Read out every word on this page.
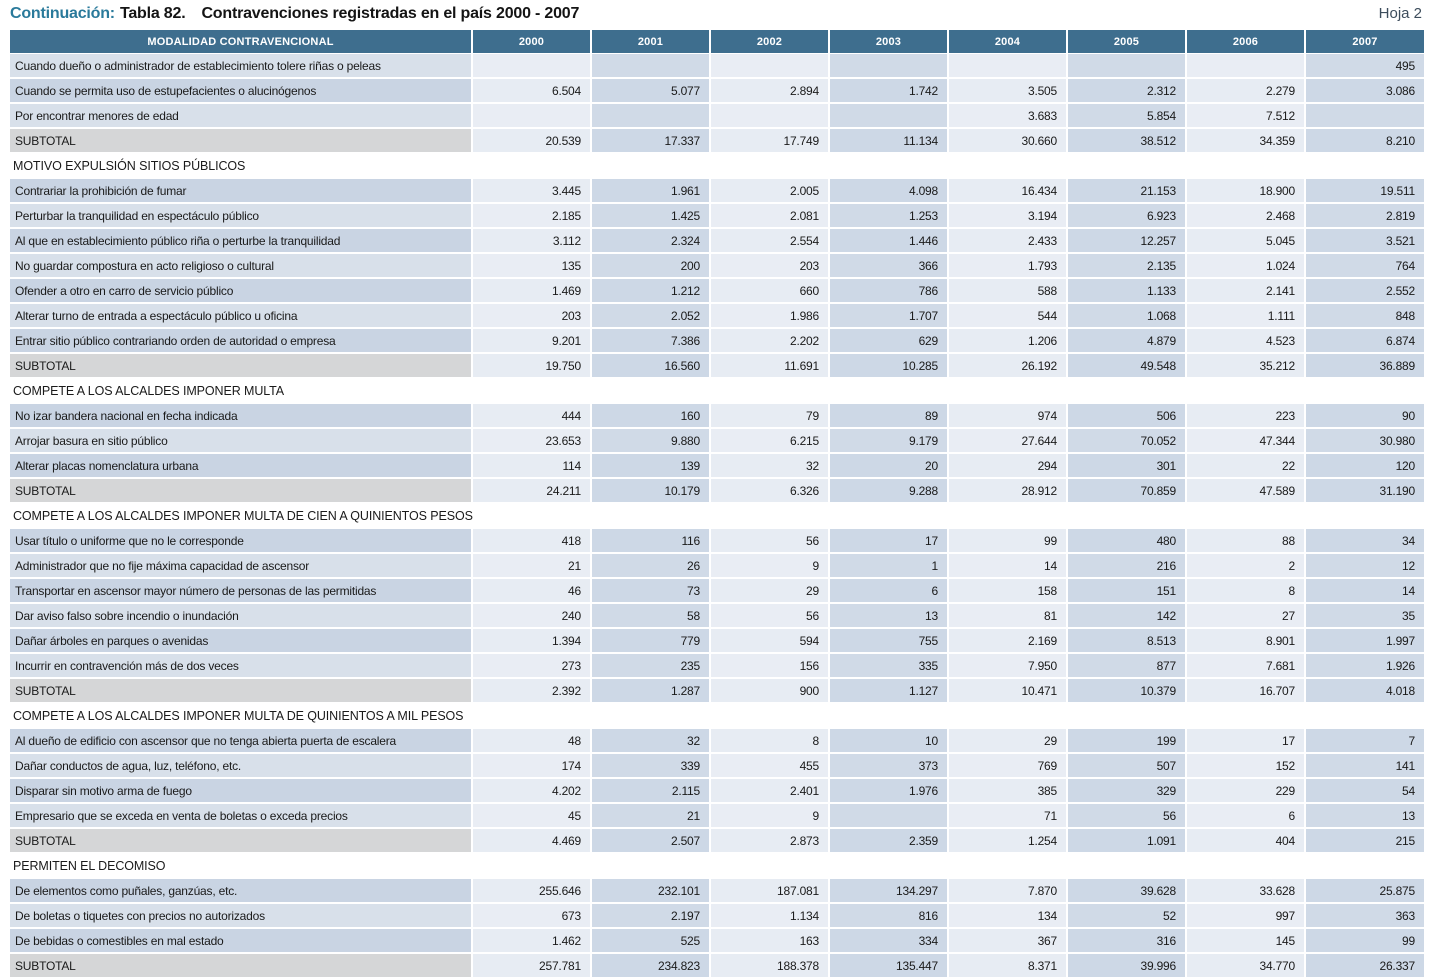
Continuación: Tabla 82. Contravenciones registradas en el país 2000 - 2007	Hoja 2
MODALIDAD CONTRAVENCIONAL	2000	2001	2002	2003	2004	2005	2006	2007
Cuando dueño o administrador de establecimiento tolere riñas o peleas								495
Cuando se permita uso de estupefacientes o alucinógenos	6.504	5.077	2.894	1.742	3.505	2.312	2.279	3.086
Por encontrar menores de edad					3.683	5.854	7.512	
SUBTOTAL	20.539	17.337	17.749	11.134	30.660	38.512	34.359	8.210
MOTIVO EXPULSIÓN SITIOS PÚBLICOS								
Contrariar la prohibición de fumar	3.445	1.961	2.005	4.098	16.434	21.153	18.900	19.511
Perturbar la tranquilidad en espectáculo público	2.185	1.425	2.081	1.253	3.194	6.923	2.468	2.819
Al que en establecimiento público riña o perturbe la tranquilidad	3.112	2.324	2.554	1.446	2.433	12.257	5.045	3.521
No guardar compostura en acto religioso o cultural	135	200	203	366	1.793	2.135	1.024	764
Ofender a otro en carro de servicio público	1.469	1.212	660	786	588	1.133	2.141	2.552
Alterar turno de entrada a espectáculo público u oficina	203	2.052	1.986	1.707	544	1.068	1.111	848
Entrar sitio público contrariando orden de autoridad o empresa	9.201	7.386	2.202	629	1.206	4.879	4.523	6.874
SUBTOTAL	19.750	16.560	11.691	10.285	26.192	49.548	35.212	36.889
COMPETE A LOS ALCALDES IMPONER MULTA								
No izar bandera nacional en fecha indicada	444	160	79	89	974	506	223	90
Arrojar basura en sitio público	23.653	9.880	6.215	9.179	27.644	70.052	47.344	30.980
Alterar placas nomenclatura urbana	114	139	32	20	294	301	22	120
SUBTOTAL	24.211	10.179	6.326	9.288	28.912	70.859	47.589	31.190
COMPETE A LOS ALCALDES IMPONER MULTA DE CIEN A QUINIENTOS PESOS								
Usar título o uniforme que no le corresponde	418	116	56	17	99	480	88	34
Administrador que no fije máxima capacidad de ascensor	21	26	9	1	14	216	2	12
Transportar en ascensor mayor número de personas de las permitidas	46	73	29	6	158	151	8	14
Dar aviso falso sobre incendio o inundación	240	58	56	13	81	142	27	35
Dañar árboles en parques o avenidas	1.394	779	594	755	2.169	8.513	8.901	1.997
Incurrir en contravención más de dos veces	273	235	156	335	7.950	877	7.681	1.926
SUBTOTAL	2.392	1.287	900	1.127	10.471	10.379	16.707	4.018
COMPETE A LOS ALCALDES IMPONER MULTA DE QUINIENTOS A MIL PESOS								
Al dueño de edificio con ascensor que no tenga abierta puerta de escalera	48	32	8	10	29	199	17	7
Dañar conductos de agua, luz, teléfono, etc.	174	339	455	373	769	507	152	141
Disparar sin motivo arma de fuego	4.202	2.115	2.401	1.976	385	329	229	54
Empresario que se exceda en venta de boletas o exceda precios	45	21	9		71	56	6	13
SUBTOTAL	4.469	2.507	2.873	2.359	1.254	1.091	404	215
PERMITEN EL DECOMISO								
De elementos como puñales, ganzúas, etc.	255.646	232.101	187.081	134.297	7.870	39.628	33.628	25.875
De boletas o tiquetes con precios no autorizados	673	2.197	1.134	816	134	52	997	363
De bebidas o comestibles en mal estado	1.462	525	163	334	367	316	145	99
SUBTOTAL	257.781	234.823	188.378	135.447	8.371	39.996	34.770	26.337
